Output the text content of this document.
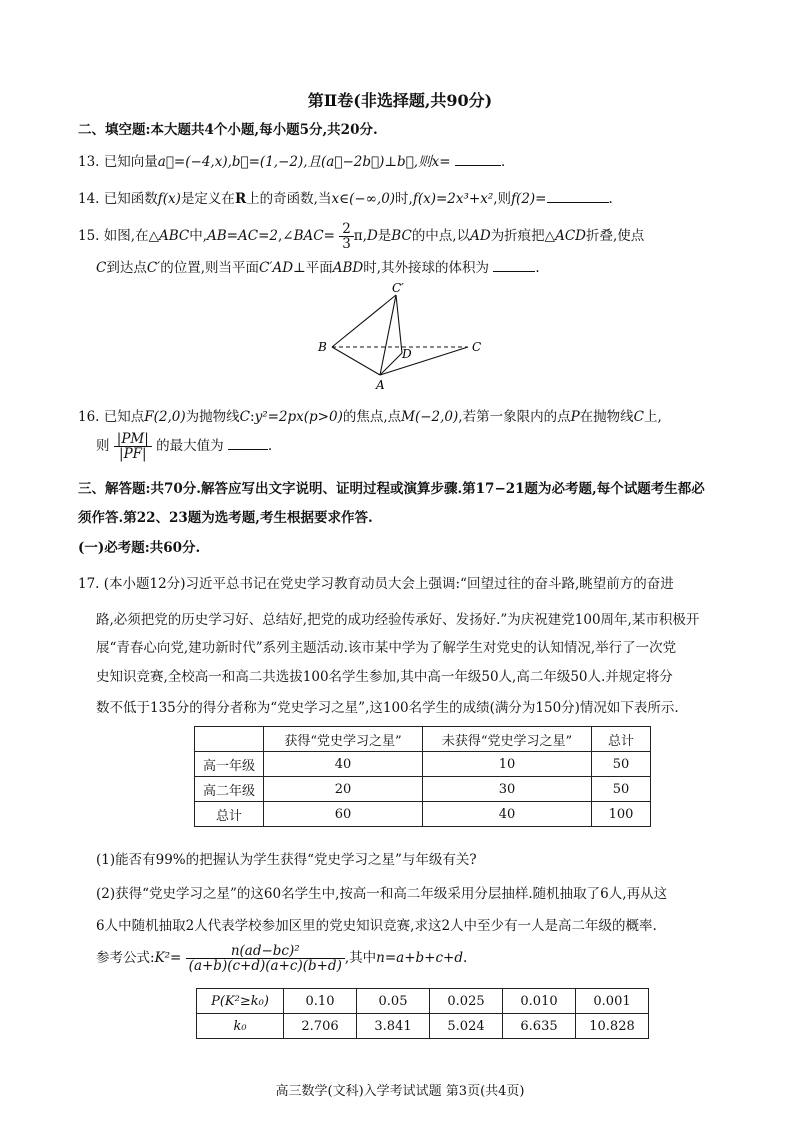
第Ⅱ卷(非选择题,共90分)
二、填空题:本大题共4个小题,每小题5分,共20分.
13. 已知向量a⃗=(−4,x),b⃗=(1,−2),且(a⃗−2b⃗)⊥b⃗,则x=	.
14. 已知函数f(x)是定义在R上的奇函数,当x∈(−∞,0)时,f(x)=2x³+x²,则f(2)=	.
15. 如图,在△ABC中,AB=AC=2,∠BAC= $\frac{2}{3} \pi,D$是BC的中点,以AD为折痕把△ACD折叠,使点
C到达点C′的位置,则当平面C′AD⊥平面ABD时,其外接球的体积为	.
C′
B	D	C
A
16. 已知点F(2,0)为抛物线C:y²=2px(p>0)的焦点,点M(−2,0),若第一象限内的点P在抛物线C上,
则 $\frac{|PM|}{|PF|}$ 的最大值为	.
三、解答题:共70分.解答应写出文字说明、证明过程或演算步骤.第17−21题为必考题,每个试题考生都必
须作答.第22、23题为选考题,考生根据要求作答.
(一)必考题:共60分.
17. (本小题12分)习近平总书记在党史学习教育动员大会上强调:“回望过往的奋斗路,眺望前方的奋进
路,必须把党的历史学习好、总结好,把党的成功经验传承好、发扬好.”为庆祝建党100周年,某市积极开
展“青春心向党,建功新时代”系列主题活动.该市某中学为了解学生对党史的认知情况,举行了一次党
史知识竞赛,全校高一和高二共选拔100名学生参加,其中高一年级50人,高二年级50人.并规定将分
数不低于135分的得分者称为“党史学习之星”,这100名学生的成绩(满分为150分)情况如下表所示.
	获得“党史学习之星”	未获得“党史学习之星”	总计
高一年级	40	10	50
高二年级	20	30	50
总计	60	40	100
(1)能否有99%的把握认为学生获得“党史学习之星”与年级有关?
(2)获得“党史学习之星”的这60名学生中,按高一和高二年级采用分层抽样.随机抽取了6人,再从这
6人中随机抽取2人代表学校参加区里的党史知识竞赛,求这2人中至少有一人是高二年级的概率.
参考公式:K²= $\frac{\text{n(ad−bc)²}}{(a+b)(c+d)(a+c)(b+d)}$ ,其中n=a+b+c+d.
P(K²≥k₀)	0.10	0.05	0.025	0.010	0.001
k₀	2.706	3.841	5.024	6.635	10.828
高三数学(文科)入学考试试题 第3页(共4页)
